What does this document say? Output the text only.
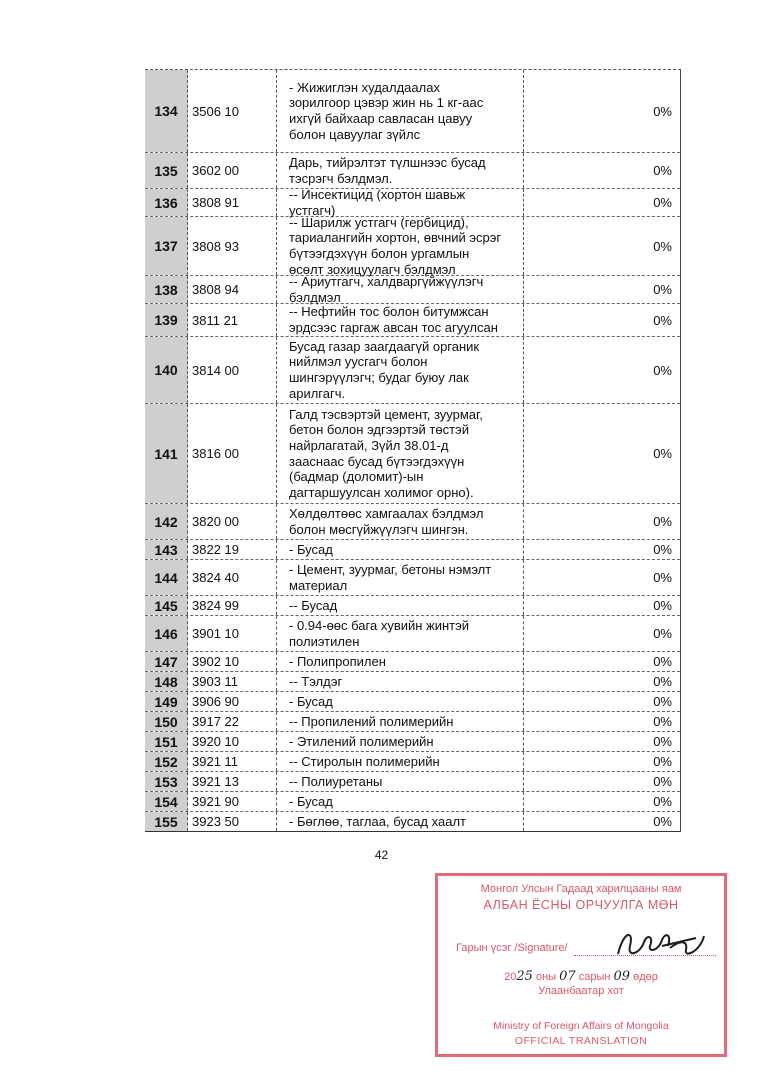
134	3506 10
- Жижиглэн худалдаалах
зорилгоор цэвэр жин нь 1 кг-аас
ихгүй байхаар савласан цавуу
болон цавуулаг зүйлс
0%
135	3602 00
Дарь, тийрэлтэт түлшнээс бусад
тэсрэгч бэлдмэл.	0%
136	3808 91
-- Инсектицид (хортон шавьж
устгагч)	0%
137	3808 93
-- Шарилж устгагч (гербицид),
тариалангийн хортон, өвчний эсрэг
бүтээгдэхүүн болон ургамлын
өсөлт зохицуулагч бэлдмэл
0%
138	3808 94
-- Ариутгагч, халдваргүйжүүлэгч
бэлдмэл	0%
139	3811 21
-- Нефтийн тос болон битумжсан
эрдсээс гаргаж авсан тос агуулсан	0%
140	3814 00
Бусад газар заагдаагүй органик
нийлмэл уусгагч болон
шингэрүүлэгч; будаг буюу лак
арилгагч.
0%
141	3816 00
Галд тэсвэртэй цемент, зуурмаг,
бетон болон эдгээртэй төстэй
найрлагатай, Зүйл 38.01-д
зааснаас бусад бүтээгдэхүүн
(бадмар (доломит)-ын
дагтаршуулсан холимог орно).
0%
142	3820 00
Хөлдөлтөөс хамгаалах бэлдмэл
болон мөсгүйжүүлэгч шингэн.	0%
143	3822 19	- Бусад	0%
144	3824 40
- Цемент, зуурмаг, бетоны нэмэлт
материал	0%
145	3824 99	-- Бусад	0%
146	3901 10
- 0.94-өөс бага хувийн жинтэй
полиэтилен	0%
147	3902 10	- Полипропилен	0%
148	3903 11	-- Тэлдэг	0%
149	3906 90	- Бусад	0%
150	3917 22	-- Пропилений полимерийн	0%
151	3920 10	- Этилений полимерийн	0%
152	3921 11	-- Стиролын полимерийн	0%
153	3921 13	-- Полиуретаны	0%
154	3921 90	- Бусад	0%
155	3923 50	- Бөглөө, таглаа, бусад хаалт	0%
42
Монгол Улсын Гадаад харилцааны яам
АЛБАН ЁСНЫ ОРЧУУЛГА МӨН
Гарын үсэг /Signature/
2025 оны 07 сарын 09 өдөр
Улаанбаатар хот
Ministry of Foreign Affairs of Mongolia
OFFICIAL TRANSLATION
